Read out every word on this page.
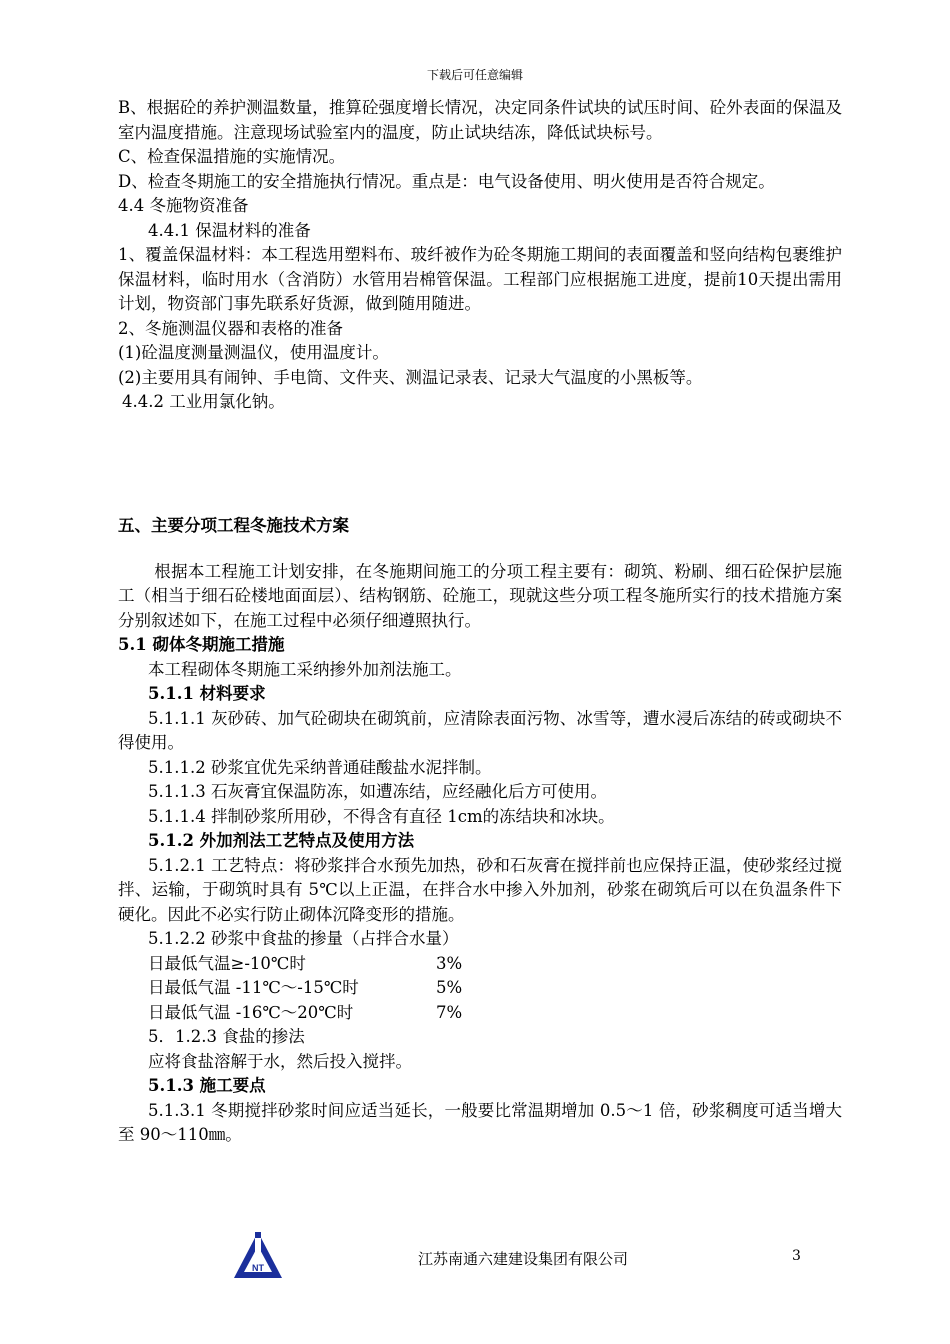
下载后可任意编辑

B、根据砼的养护测温数量，推算砼强度增长情况，决定同条件试块的试压时间、砼外表面的保温及室内温度措施。注意现场试验室内的温度，防止试块结冻，降低试块标号。

C、检查保温措施的实施情况。

D、检查冬期施工的安全措施执行情况。重点是：电气设备使用、明火使用是否符合规定。

4.4 冬施物资准备

4.4.1 保温材料的准备

1、覆盖保温材料：本工程选用塑料布、玻纤被作为砼冬期施工期间的表面覆盖和竖向结构包裹维护保温材料，临时用水（含消防）水管用岩棉管保温。工程部门应根据施工进度，提前10天提出需用计划，物资部门事先联系好货源，做到随用随进。

2、冬施测温仪器和表格的准备

(1)砼温度测量测温仪，使用温度计。

(2)主要用具有闹钟、手电筒、文件夹、测温记录表、记录大气温度的小黑板等。

4.4.2 工业用氯化钠。

五、主要分项工程冬施技术方案

根据本工程施工计划安排，在冬施期间施工的分项工程主要有：砌筑、粉刷、细石砼保护层施工（相当于细石砼楼地面面层）、结构钢筋、砼施工，现就这些分项工程冬施所实行的技术措施方案分别叙述如下，在施工过程中必须仔细遵照执行。

5.1 砌体冬期施工措施

本工程砌体冬期施工采纳掺外加剂法施工。

5.1.1 材料要求

5.1.1.1 灰砂砖、加气砼砌块在砌筑前，应清除表面污物、冰雪等，遭水浸后冻结的砖或砌块不得使用。

5.1.1.2 砂浆宜优先采纳普通硅酸盐水泥拌制。

5.1.1.3 石灰膏宜保温防冻，如遭冻结，应经融化后方可使用。

5.1.1.4 拌制砂浆所用砂，不得含有直径 1cm的冻结块和冰块。

5.1.2 外加剂法工艺特点及使用方法

5.1.2.1 工艺特点：将砂浆拌合水预先加热，砂和石灰膏在搅拌前也应保持正温，使砂浆经过搅拌、运输，于砌筑时具有 5℃以上正温，在拌合水中掺入外加剂，砂浆在砌筑后可以在负温条件下硬化。因此不必实行防止砌体沉降变形的措施。

5.1.2.2 砂浆中食盐的掺量（占拌合水量）

日最低气温≥-10℃时	3%
日最低气温 -11℃～-15℃时	5%
日最低气温 -16℃～20℃时	7%

5．1.2.3 食盐的掺法

应将食盐溶解于水，然后投入搅拌。

5.1.3 施工要点

5.1.3.1 冬期搅拌砂浆时间应适当延长，一般要比常温期增加 0.5～1 倍，砂浆稠度可适当增大至 90～110㎜。

NT	江苏南通六建建设集团有限公司	3
